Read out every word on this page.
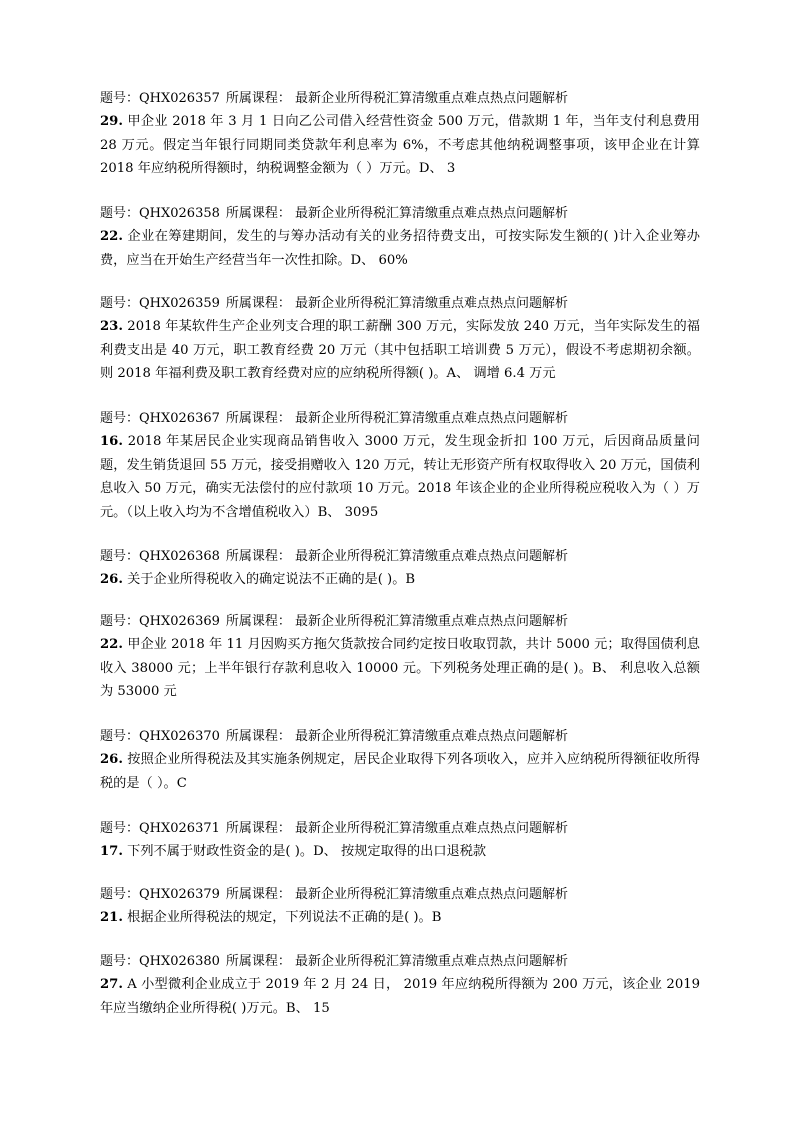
题号：QHX026357 所属课程： 最新企业所得税汇算清缴重点难点热点问题解析
29. 甲企业 2018 年 3 月 1 日向乙公司借入经营性资金 500 万元，借款期 1 年，当年支付利息费用 28 万元。假定当年银行同期同类贷款年利息率为 6%，不考虑其他纳税调整事项，该甲企业在计算 2018 年应纳税所得额时，纳税调整金额为（ ）万元。D、 3
题号：QHX026358 所属课程： 最新企业所得税汇算清缴重点难点热点问题解析
22. 企业在筹建期间，发生的与筹办活动有关的业务招待费支出，可按实际发生额的( )计入企业筹办费，应当在开始生产经营当年一次性扣除。D、 60%
题号：QHX026359 所属课程： 最新企业所得税汇算清缴重点难点热点问题解析
23. 2018 年某软件生产企业列支合理的职工薪酬 300 万元，实际发放 240 万元，当年实际发生的福利费支出是 40 万元，职工教育经费 20 万元（其中包括职工培训费 5 万元），假设不考虑期初余额。则 2018 年福利费及职工教育经费对应的应纳税所得额( )。A、 调增 6.4 万元
题号：QHX026367 所属课程： 最新企业所得税汇算清缴重点难点热点问题解析
16. 2018 年某居民企业实现商品销售收入 3000 万元，发生现金折扣 100 万元，后因商品质量问题，发生销货退回 55 万元，接受捐赠收入 120 万元，转让无形资产所有权取得收入 20 万元，国债利息收入 50 万元，确实无法偿付的应付款项 10 万元。2018 年该企业的企业所得税应税收入为（ ）万元。（以上收入均为不含增值税收入）B、 3095
题号：QHX026368 所属课程： 最新企业所得税汇算清缴重点难点热点问题解析
26. 关于企业所得税收入的确定说法不正确的是( )。B
题号：QHX026369 所属课程： 最新企业所得税汇算清缴重点难点热点问题解析
22. 甲企业 2018 年 11 月因购买方拖欠货款按合同约定按日收取罚款，共计 5000 元；取得国债利息收入 38000 元；上半年银行存款利息收入 10000 元。下列税务处理正确的是( )。B、 利息收入总额为 53000 元
题号：QHX026370 所属课程： 最新企业所得税汇算清缴重点难点热点问题解析
26. 按照企业所得税法及其实施条例规定，居民企业取得下列各项收入，应并入应纳税所得额征收所得税的是（ ）。C
题号：QHX026371 所属课程： 最新企业所得税汇算清缴重点难点热点问题解析
17. 下列不属于财政性资金的是( )。D、 按规定取得的出口退税款
题号：QHX026379 所属课程： 最新企业所得税汇算清缴重点难点热点问题解析
21. 根据企业所得税法的规定，下列说法不正确的是( )。B
题号：QHX026380 所属课程： 最新企业所得税汇算清缴重点难点热点问题解析
27. A 小型微利企业成立于 2019 年 2 月 24 日， 2019 年应纳税所得额为 200 万元，该企业 2019 年应当缴纳企业所得税( )万元。B、 15
